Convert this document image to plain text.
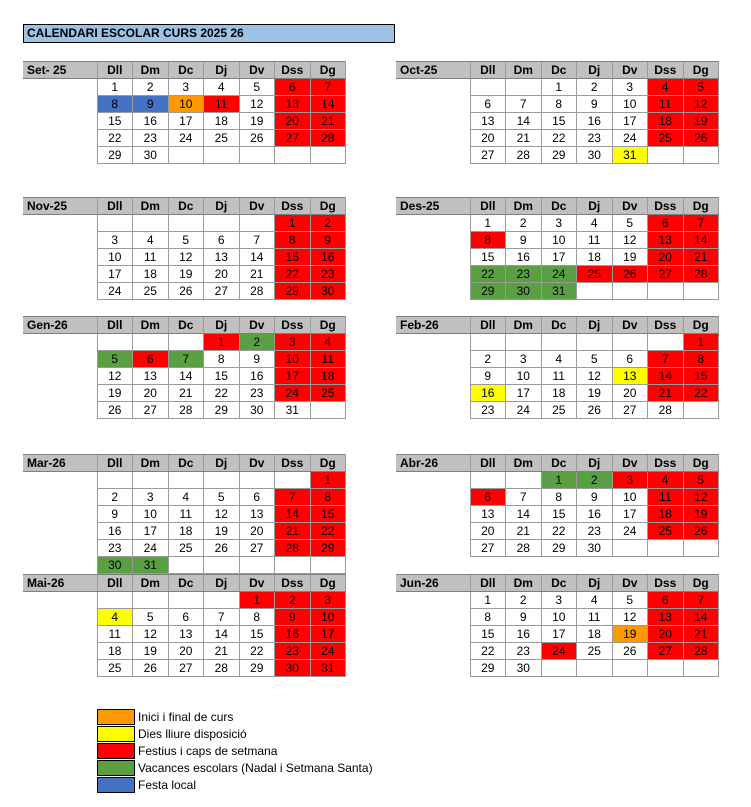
CALENDARI ESCOLAR CURS 2025 26
Set- 25	Dll	Dm	Dc	Dj	Dv	Dss	Dg
	1	2	3	4	5	6	7
	8	9	10	11	12	13	14
	15	16	17	18	19	20	21
	22	23	24	25	26	27	28
	29	30					
Oct-25	Dll	Dm	Dc	Dj	Dv	Dss	Dg
			1	2	3	4	5
	6	7	8	9	10	11	12
	13	14	15	16	17	18	19
	20	21	22	23	24	25	26
	27	28	29	30	31		
Nov-25	Dll	Dm	Dc	Dj	Dv	Dss	Dg
						1	2
	3	4	5	6	7	8	9
	10	11	12	13	14	15	16
	17	18	19	20	21	22	23
	24	25	26	27	28	29	30
Des-25	Dll	Dm	Dc	Dj	Dv	Dss	Dg
	1	2	3	4	5	6	7
	8	9	10	11	12	13	14
	15	16	17	18	19	20	21
	22	23	24	25	26	27	28
	29	30	31				
Gen-26	Dll	Dm	Dc	Dj	Dv	Dss	Dg
				1	2	3	4
	5	6	7	8	9	10	11
	12	13	14	15	16	17	18
	19	20	21	22	23	24	25
	26	27	28	29	30	31	
Feb-26	Dll	Dm	Dc	Dj	Dv	Dss	Dg
							1
	2	3	4	5	6	7	8
	9	10	11	12	13	14	15
	16	17	18	19	20	21	22
	23	24	25	26	27	28	
Mar-26	Dll	Dm	Dc	Dj	Dv	Dss	Dg
							1
	2	3	4	5	6	7	8
	9	10	11	12	13	14	15
	16	17	18	19	20	21	22
	23	24	25	26	27	28	29
	30	31					
Abr-26	Dll	Dm	Dc	Dj	Dv	Dss	Dg
			1	2	3	4	5
	6	7	8	9	10	11	12
	13	14	15	16	17	18	19
	20	21	22	23	24	25	26
	27	28	29	30			
Mai-26	Dll	Dm	Dc	Dj	Dv	Dss	Dg
					1	2	3
	4	5	6	7	8	9	10
	11	12	13	14	15	16	17
	18	19	20	21	22	23	24
	25	26	27	28	29	30	31
Jun-26	Dll	Dm	Dc	Dj	Dv	Dss	Dg
	1	2	3	4	5	6	7
	8	9	10	11	12	13	14
	15	16	17	18	19	20	21
	22	23	24	25	26	27	28
	29	30					
Inici i final de curs
Dies lliure disposició
Festius i caps de setmana
Vacances escolars (Nadal i Setmana Santa)
Festa local
